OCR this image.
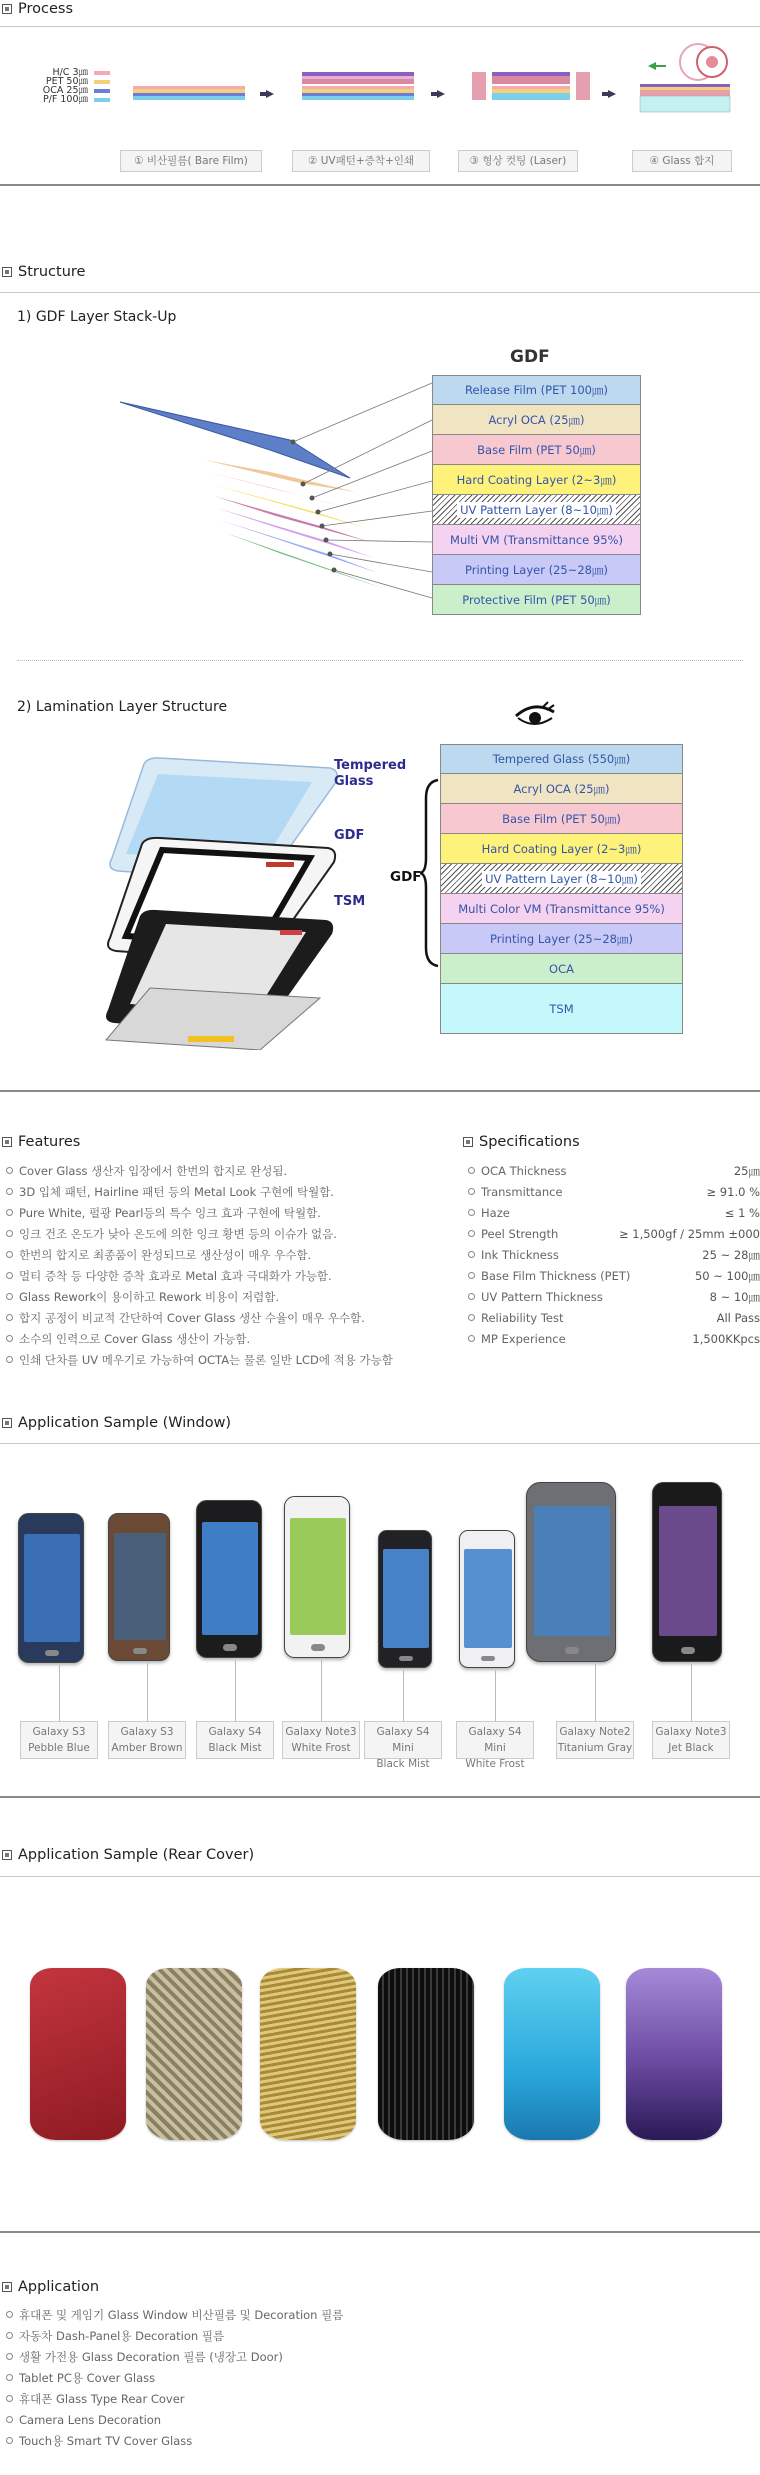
Process
H/C 3㎛
PET 50㎛
OCA 25㎛
P/F 100㎛
① 비산필름( Bare Film)	② UV패턴+증착+인쇄	③ 형상 컷팅 (Laser)	④ Glass 합지
Structure
1) GDF Layer Stack-Up
GDF
Release Film (PET 100㎛)
Acryl OCA (25㎛)
Base Film (PET 50㎛)
Hard Coating Layer (2~3㎛)
UV Pattern Layer (8~10㎛)
Multi VM (Transmittance 95%)
Printing Layer (25~28㎛)
Protective Film (PET 50㎛)
2) Lamination Layer Structure
Tempered Glass
GDF
TSM
GDF
Tempered Glass (550㎛)
Acryl OCA (25㎛)
Base Film (PET 50㎛)
Hard Coating Layer (2~3㎛)
UV Pattern Layer (8~10㎛)
Multi Color VM (Transmittance 95%)
Printing Layer (25~28㎛)
OCA
TSM
Features
Cover Glass 생산자 입장에서 한번의 합지로 완성됨.
3D 입체 패턴, Hairline 패턴 등의 Metal Look 구현에 탁월함.
Pure White, 펄광 Pearl등의 특수 잉크 효과 구현에 탁월함.
잉크 건조 온도가 낮아 온도에 의한 잉크 황변 등의 이슈가 없음.
한번의 합지로 최종품이 완성되므로 생산성이 매우 우수함.
멀티 증착 등 다양한 증착 효과로 Metal 효과 극대화가 가능함.
Glass Rework이 용이하고 Rework 비용이 저렴함.
합지 공정이 비교적 간단하여 Cover Glass 생산 수율이 매우 우수함.
소수의 인력으로 Cover Glass 생산이 가능함.
인쇄 단차를 UV 메우기로 가능하여 OCTA는 물론 일반 LCD에 적용 가능함
Specifications
OCA Thickness	25㎛
Transmittance	≥ 91.0 %
Haze	≤ 1 %
Peel Strength	≥ 1,500gf / 25mm ±000
Ink Thickness	25 ~ 28㎛
Base Film Thickness (PET)	50 ~ 100㎛
UV Pattern Thickness	8 ~ 10㎛
Reliability Test	All Pass
MP Experience	1,500KKpcs
Application Sample (Window)
Galaxy S3
Pebble Blue
Galaxy S3
Amber Brown
Galaxy S4
Black Mist
Galaxy Note3
White Frost
Galaxy S4 Mini
Black Mist
Galaxy S4 Mini
White Frost
Galaxy Note2
Titanium Gray
Galaxy Note3
Jet Black
Application Sample (Rear Cover)
Application
휴대폰 및 게임기 Glass Window 비산필름 및 Decoration 필름
자동차 Dash-Panel용 Decoration 필름
생활 가전용 Glass Decoration 필름 (냉장고 Door)
Tablet PC용 Cover Glass
휴대폰 Glass Type Rear Cover
Camera Lens Decoration
Touch용 Smart TV Cover Glass
